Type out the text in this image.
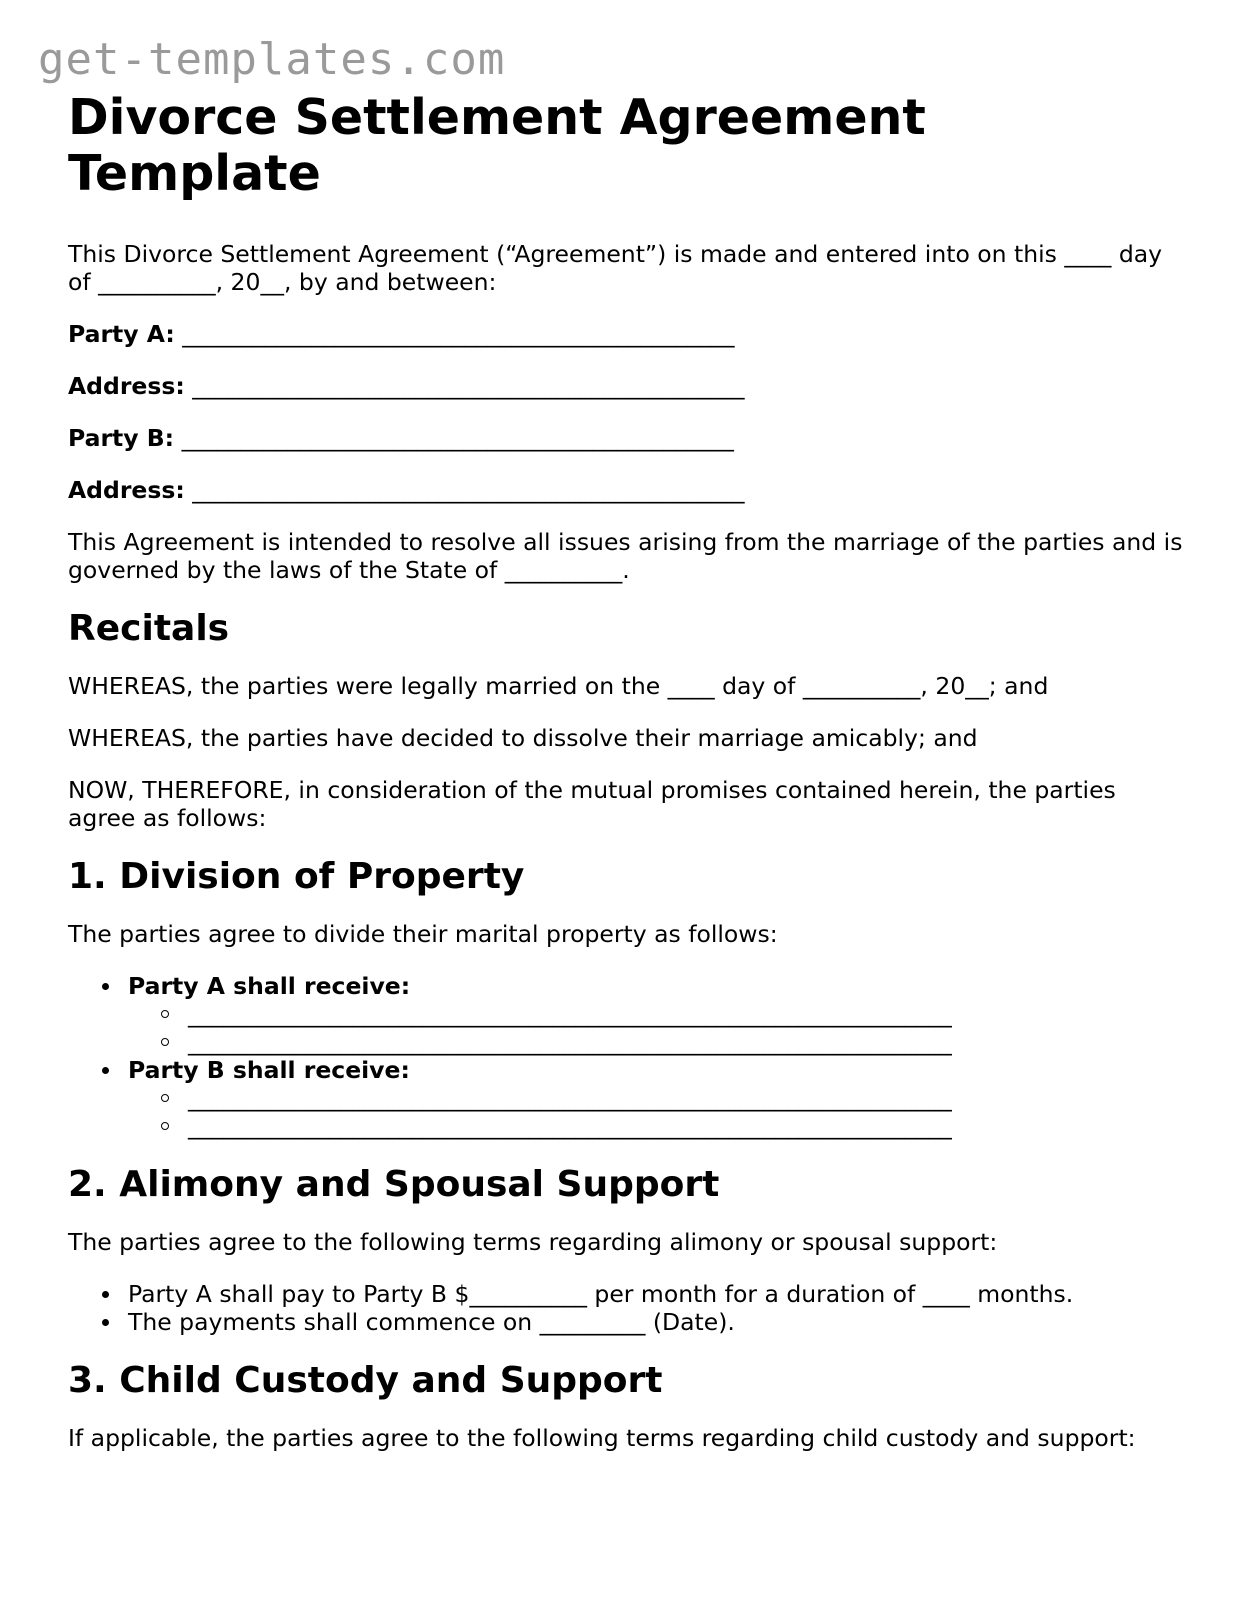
get-templates.com
Divorce Settlement Agreement Template

This Divorce Settlement Agreement (“Agreement”) is made and entered into on this ____ day of __________, 20__, by and between:

Party A: _______________________________________________
Address: _______________________________________________
Party B: _______________________________________________
Address: _______________________________________________

This Agreement is intended to resolve all issues arising from the marriage of the parties and is governed by the laws of the State of __________.

Recitals

WHEREAS, the parties were legally married on the ____ day of __________, 20__; and

WHEREAS, the parties have decided to dissolve their marriage amicably; and

NOW, THEREFORE, in consideration of the mutual promises contained herein, the parties agree as follows:

1. Division of Property

The parties agree to divide their marital property as follows:

Party A shall receive:
_________________________________________________________________
_________________________________________________________________
Party B shall receive:
_________________________________________________________________
_________________________________________________________________
2. Alimony and Spousal Support

The parties agree to the following terms regarding alimony or spousal support:

Party A shall pay to Party B $__________ per month for a duration of ____ months.
The payments shall commence on _________ (Date).
3. Child Custody and Support

If applicable, the parties agree to the following terms regarding child custody and support:
